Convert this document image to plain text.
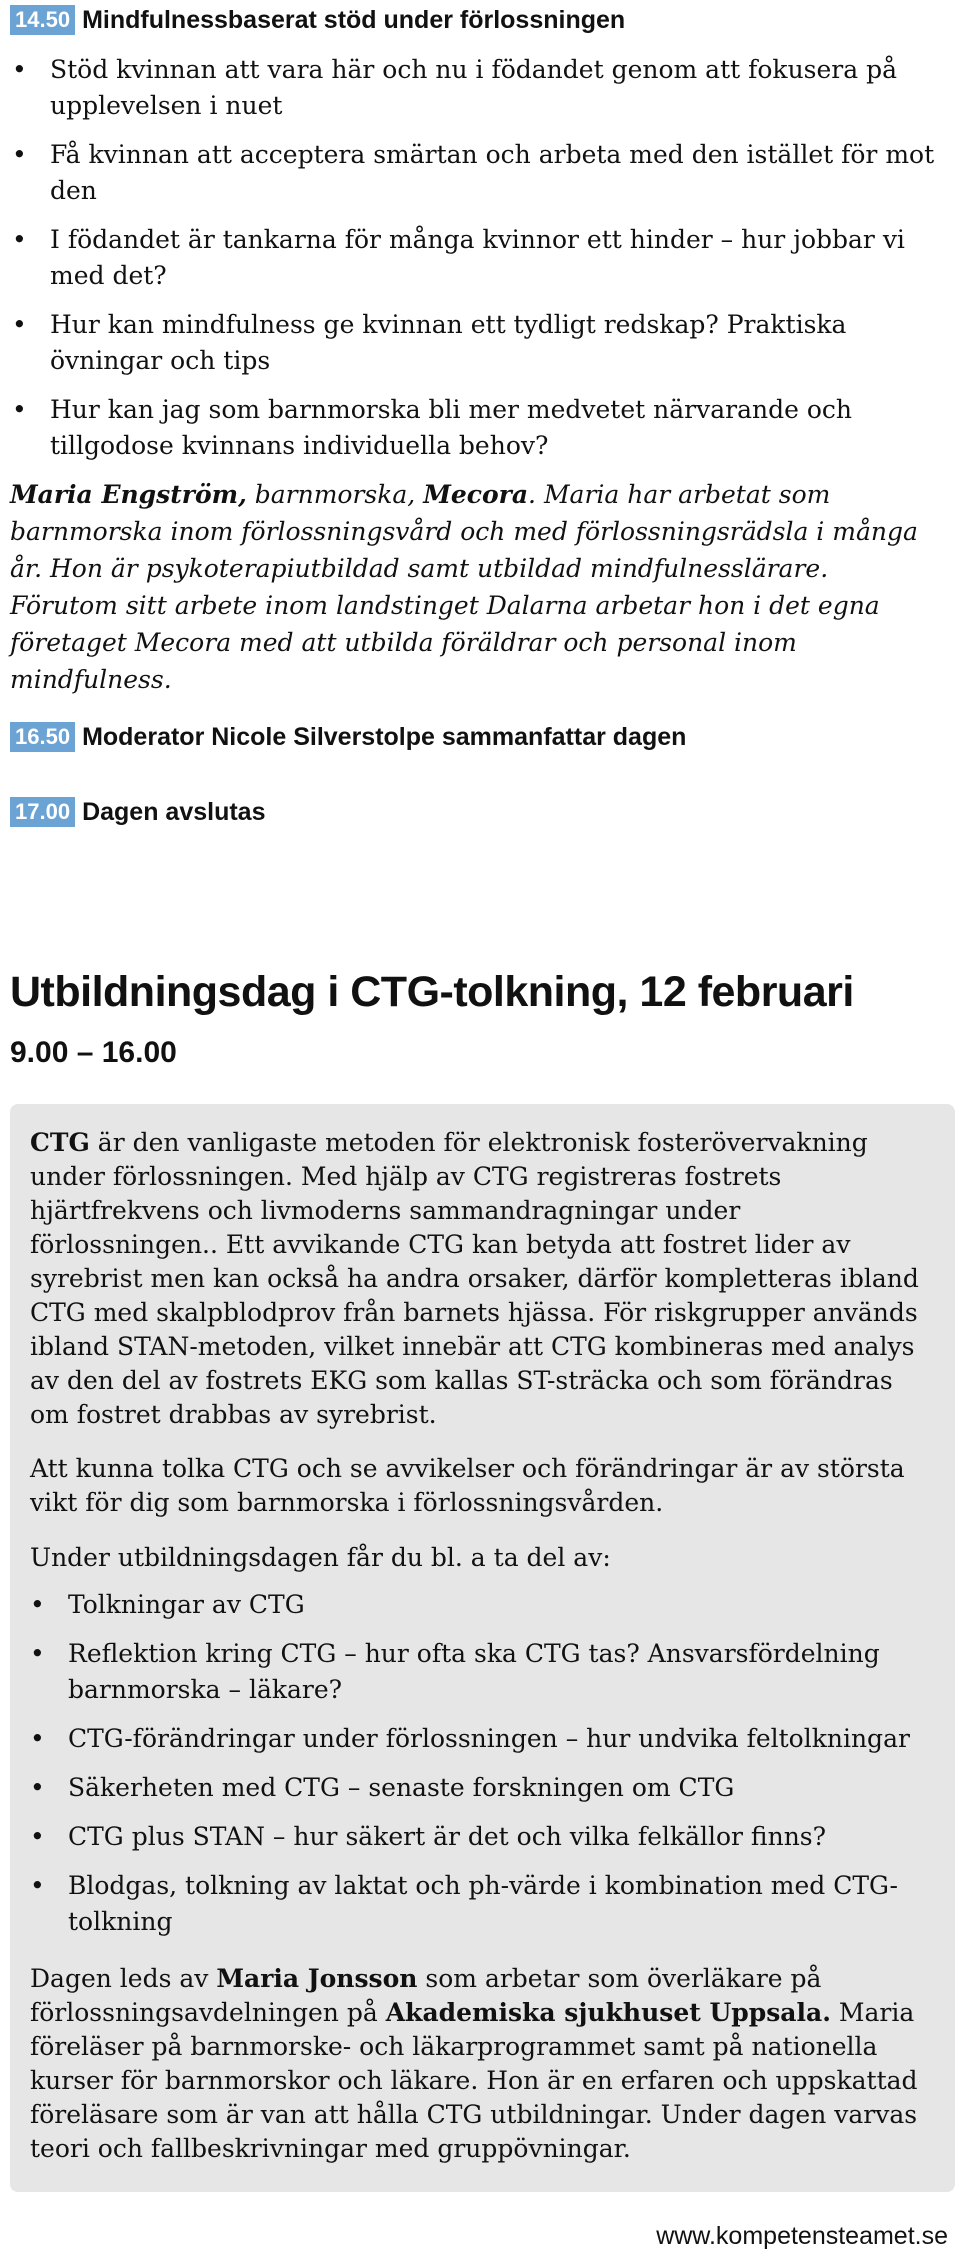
14.50 Mindfulnessbaserat stöd under förlossningen
• Stöd kvinnan att vara här och nu i födandet genom att fokusera på upplevelsen i nuet
• Få kvinnan att acceptera smärtan och arbeta med den istället för mot den
• I födandet är tankarna för många kvinnor ett hinder – hur jobbar vi med det?
• Hur kan mindfulness ge kvinnan ett tydligt redskap? Praktiska övningar och tips
• Hur kan jag som barnmorska bli mer medvetet närvarande och tillgodose kvinnans individuella behov?

Maria Engström, barnmorska, Mecora. Maria har arbetat som barnmorska inom förlossningsvård och med förlossningsrädsla i många år. Hon är psykoterapiutbildad samt utbildad mindfulnesslärare. Förutom sitt arbete inom landstinget Dalarna arbetar hon i det egna företaget Mecora med att utbilda föräldrar och personal inom mindfulness.

16.50 Moderator Nicole Silverstolpe sammanfattar dagen
17.00 Dagen avslutas
Utbildningsdag i CTG-tolkning, 12 februari
9.00 – 16.00

CTG är den vanligaste metoden för elektronisk fosterövervakning under förlossningen. Med hjälp av CTG registreras fostrets hjärtfrekvens och livmoderns sammandragningar under förlossningen.. Ett avvikande CTG kan betyda att fostret lider av syrebrist men kan också ha andra orsaker, därför kompletteras ibland CTG med skalpblodprov från barnets hjässa. För riskgrupper används ibland STAN-metoden, vilket innebär att CTG kombineras med analys av den del av fostrets EKG som kallas ST-sträcka och som förändras om fostret drabbas av syrebrist.

Att kunna tolka CTG och se avvikelser och förändringar är av största vikt för dig som barnmorska i förlossningsvården.

Under utbildningsdagen får du bl. a ta del av:

• Tolkningar av CTG
• Reflektion kring CTG – hur ofta ska CTG tas? Ansvarsfördelning barnmorska – läkare?
• CTG-förändringar under förlossningen – hur undvika feltolkningar
• Säkerheten med CTG – senaste forskningen om CTG
• CTG plus STAN – hur säkert är det och vilka felkällor finns?
• Blodgas, tolkning av laktat och ph-värde i kombination med CTG-tolkning

Dagen leds av Maria Jonsson som arbetar som överläkare på förlossningsavdelningen på Akademiska sjukhuset Uppsala. Maria föreläser på barnmorske- och läkarprogrammet samt på nationella kurser för barnmorskor och läkare. Hon är en erfaren och uppskattad föreläsare som är van att hålla CTG utbildningar. Under dagen varvas teori och fallbeskrivningar med gruppövningar.

www.kompetensteamet.se
